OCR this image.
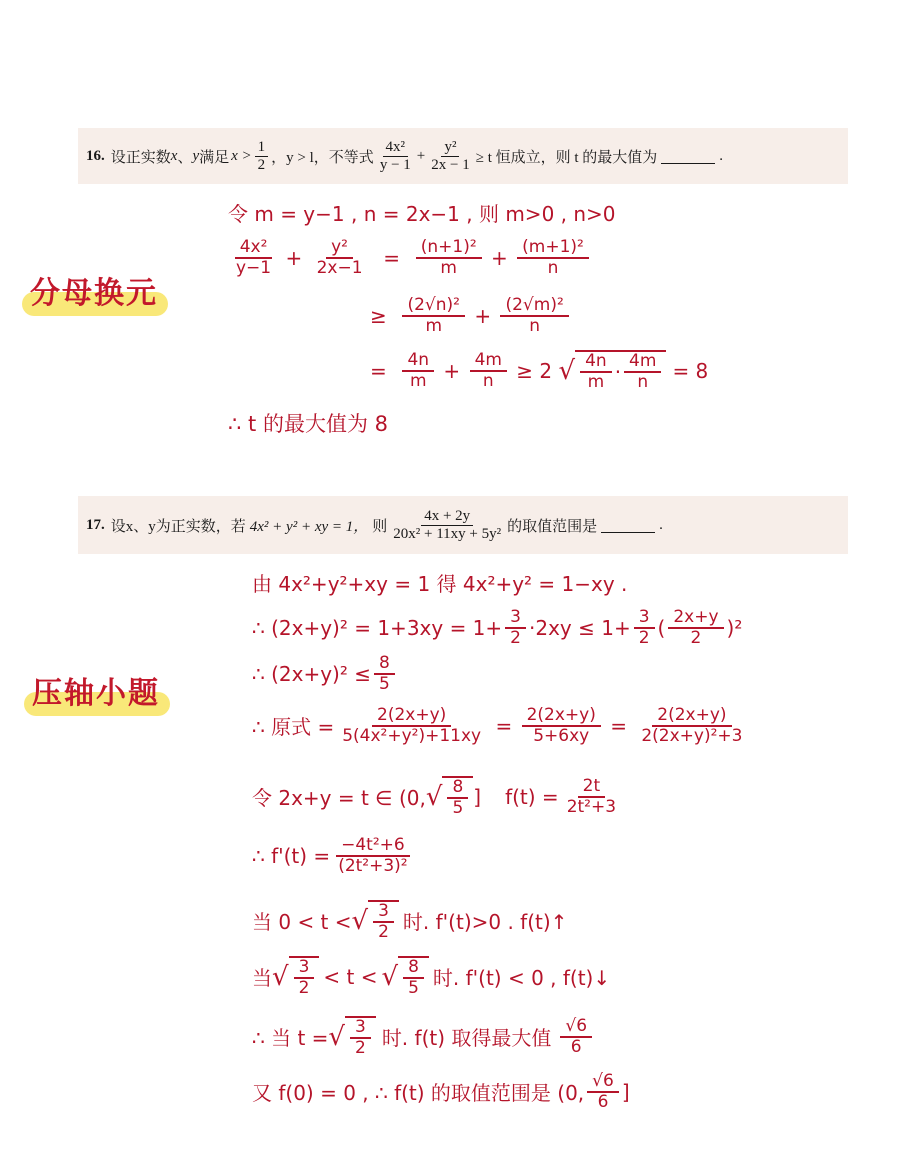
16. 设正实数 x 、 y 满足 $x > \frac{1}{2}$ ，y > l，不等式 $\frac{\text{4x²}}{y - 1} + \frac{\text{y²}}{2x - 1} \ge t$ 恒成立，则 t 的最大值为	.
分母换元
令 m = y−1 , n = 2x−1 , 则 m>0 , n>0
$\frac{\text{4x²}}{y-1} + \frac{\text{y²}}{2x-1} = \frac{\text{(n+1)²}}{m} + \frac{\text{(m+1)²}}{n}$
≥ $\frac{\text{(2√n)²}}{m} + \frac{\text{(2√m)²}}{n}$
= $\frac{4n}{m} + \frac{4m}{n} \ge 2$ √ $\frac{4n}{m} \cdot \frac{4m}{n} = 8$
∴ t 的最大值为 8
17. 设x、y为正实数，若 4x² + y² + xy = 1， 则 $\frac{4x + 2y}{\text{20x² + 11xy + 5y²}}$ 的取值范围是	.
压轴小题
由 4x²+y²+xy = 1 得 4x²+y² = 1−xy .
∴ $(2x+y)^2 = 1+3xy = 1+ \frac{3}{2} \cdot 2xy \le 1+ \frac{3}{2}$ ( $\frac{2x+y}{2} )^2$
∴ $(2x+y)^2 \le \frac{8}{5}$
∴ 原式 = $\frac{2(2x+y)}{\text{5(4x²+y²)+11xy}} = \frac{2(2x+y)}{5+6xy} = \frac{2(2x+y)}{\text{2(2x+y)²+3}}$
令 2x+y = t ∈ (0, √ $\frac{8}{5}$ ] $f(t) = \frac{2t}{\text{2t²+3}}$
∴ $f'(t) = \frac{\text{−4t²+6}}{\text{(2t²+3)²}}$
当 0 < t < √ $\frac{3}{2}$ 时. f'(t)>0 . f(t)↑
当 √ $\frac{3}{2} < t$ < √ $\frac{8}{5}$ 时. f'(t) < 0 , f(t)↓
∴ 当 t = √ $\frac{3}{2}$ 时. f(t) 取得最大值 $\frac{√6}{6}$
又 f(0) = 0 , ∴ f(t) 的取值范围是 (0, $\frac{√6}{6}$ ]
